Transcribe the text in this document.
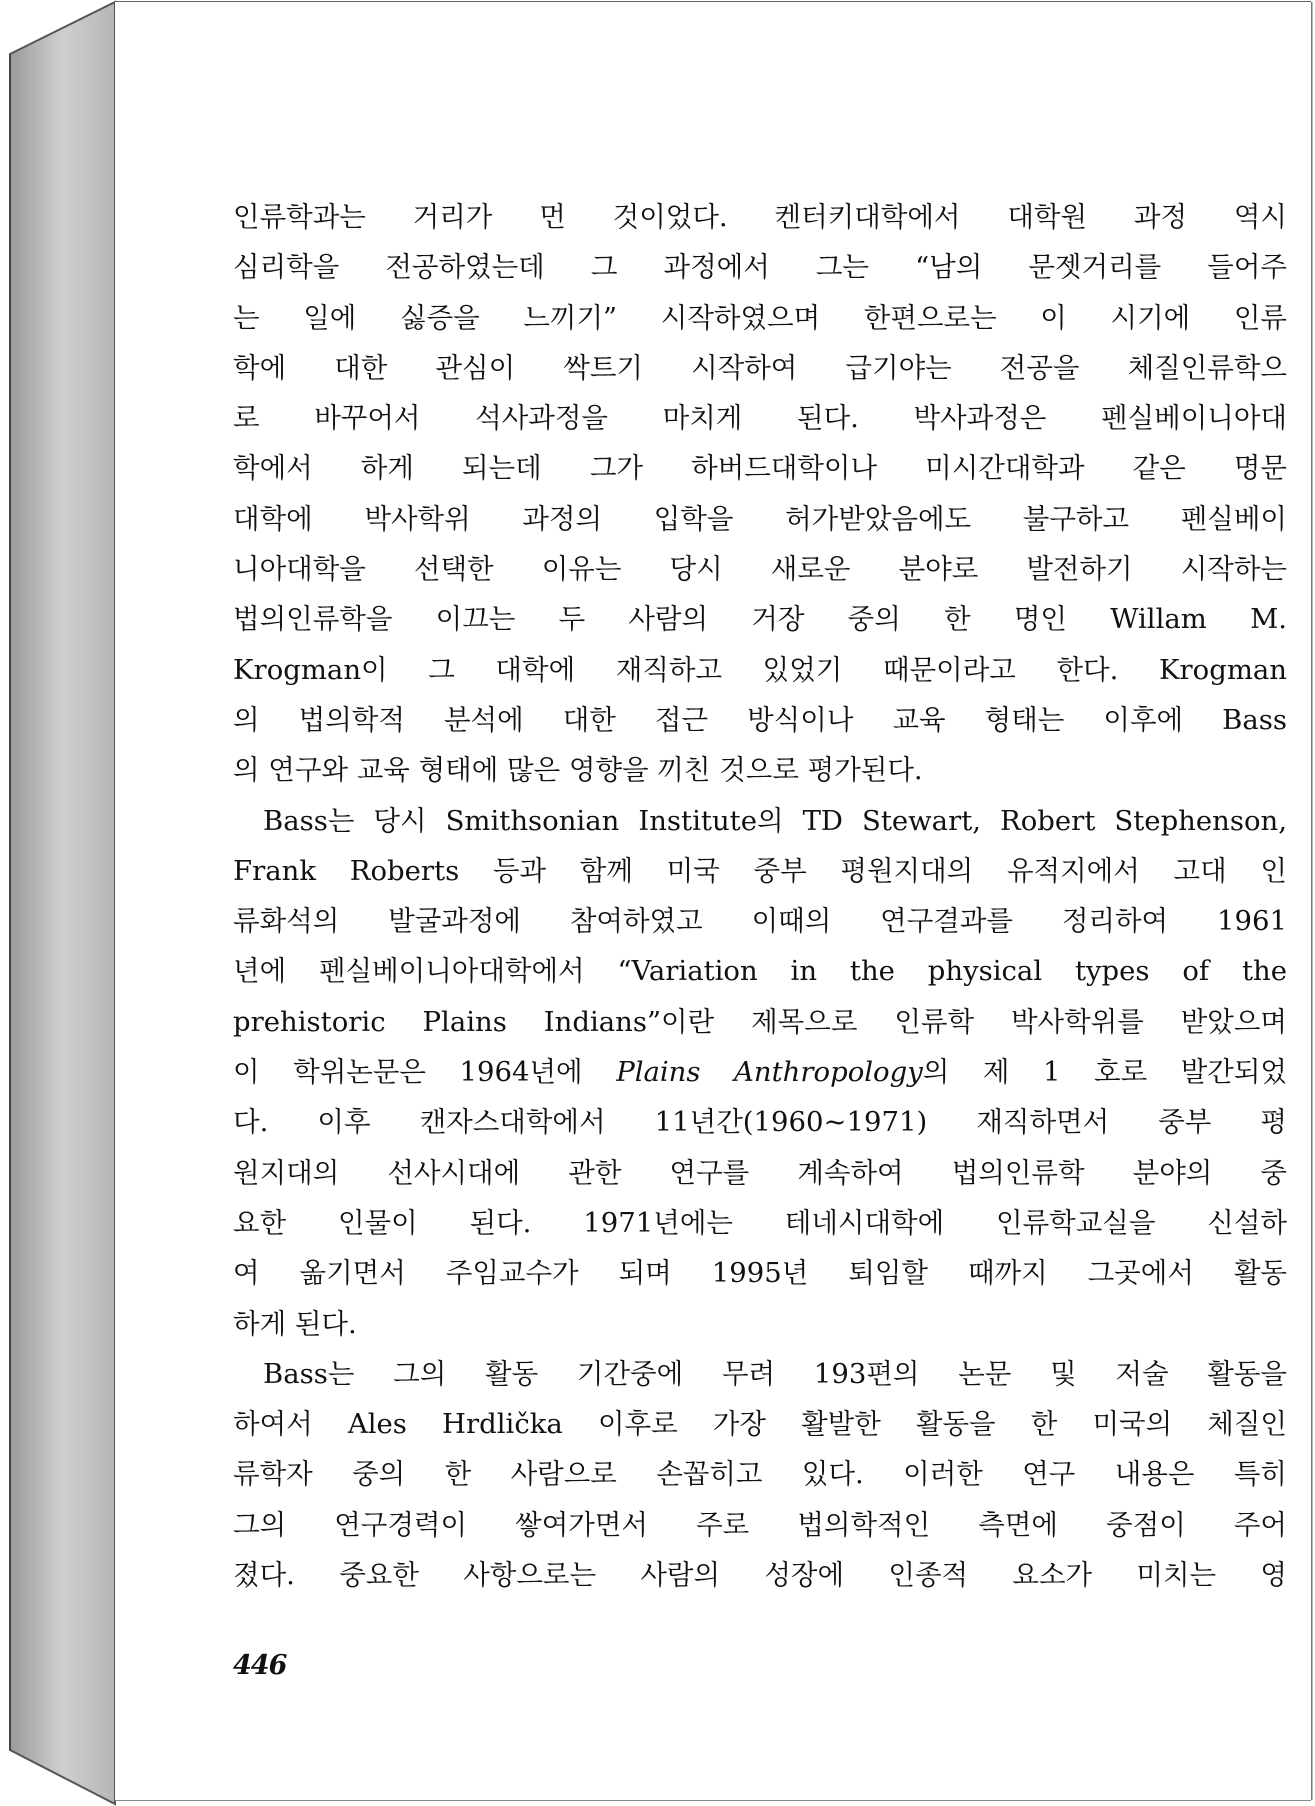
인류학과는 거리가 먼 것이었다. 켄터키대학에서 대학원 과정 역시
심리학을 전공하였는데 그 과정에서 그는 “남의 문젯거리를 들어주
는 일에 싫증을 느끼기” 시작하였으며 한편으로는 이 시기에 인류
학에 대한 관심이 싹트기 시작하여 급기야는 전공을 체질인류학으
로 바꾸어서 석사과정을 마치게 된다. 박사과정은 펜실베이니아대
학에서 하게 되는데 그가 하버드대학이나 미시간대학과 같은 명문
대학에 박사학위 과정의 입학을 허가받았음에도 불구하고 펜실베이
니아대학을 선택한 이유는 당시 새로운 분야로 발전하기 시작하는
법의인류학을 이끄는 두 사람의 거장 중의 한 명인 Willam M.
Krogman이 그 대학에 재직하고 있었기 때문이라고 한다. Krogman
의 법의학적 분석에 대한 접근 방식이나 교육 형태는 이후에 Bass
의 연구와 교육 형태에 많은 영향을 끼친 것으로 평가된다.
Bass는 당시 Smithsonian Institute의 TD Stewart, Robert Stephenson,
Frank Roberts 등과 함께 미국 중부 평원지대의 유적지에서 고대 인
류화석의 발굴과정에 참여하였고 이때의 연구결과를 정리하여 1961
년에 펜실베이니아대학에서 “Variation in the physical types of the
prehistoric Plains Indians”이란 제목으로 인류학 박사학위를 받았으며
이 학위논문은 1964년에 Plains Anthropology의 제 1 호로 발간되었
다. 이후 캔자스대학에서 11년간(1960~1971) 재직하면서 중부 평
원지대의 선사시대에 관한 연구를 계속하여 법의인류학 분야의 중
요한 인물이 된다. 1971년에는 테네시대학에 인류학교실을 신설하
여 옮기면서 주임교수가 되며 1995년 퇴임할 때까지 그곳에서 활동
하게 된다.
Bass는 그의 활동 기간중에 무려 193편의 논문 및 저술 활동을
하여서 Ales Hrdlička 이후로 가장 활발한 활동을 한 미국의 체질인
류학자 중의 한 사람으로 손꼽히고 있다. 이러한 연구 내용은 특히
그의 연구경력이 쌓여가면서 주로 법의학적인 측면에 중점이 주어
졌다. 중요한 사항으로는 사람의 성장에 인종적 요소가 미치는 영
446
